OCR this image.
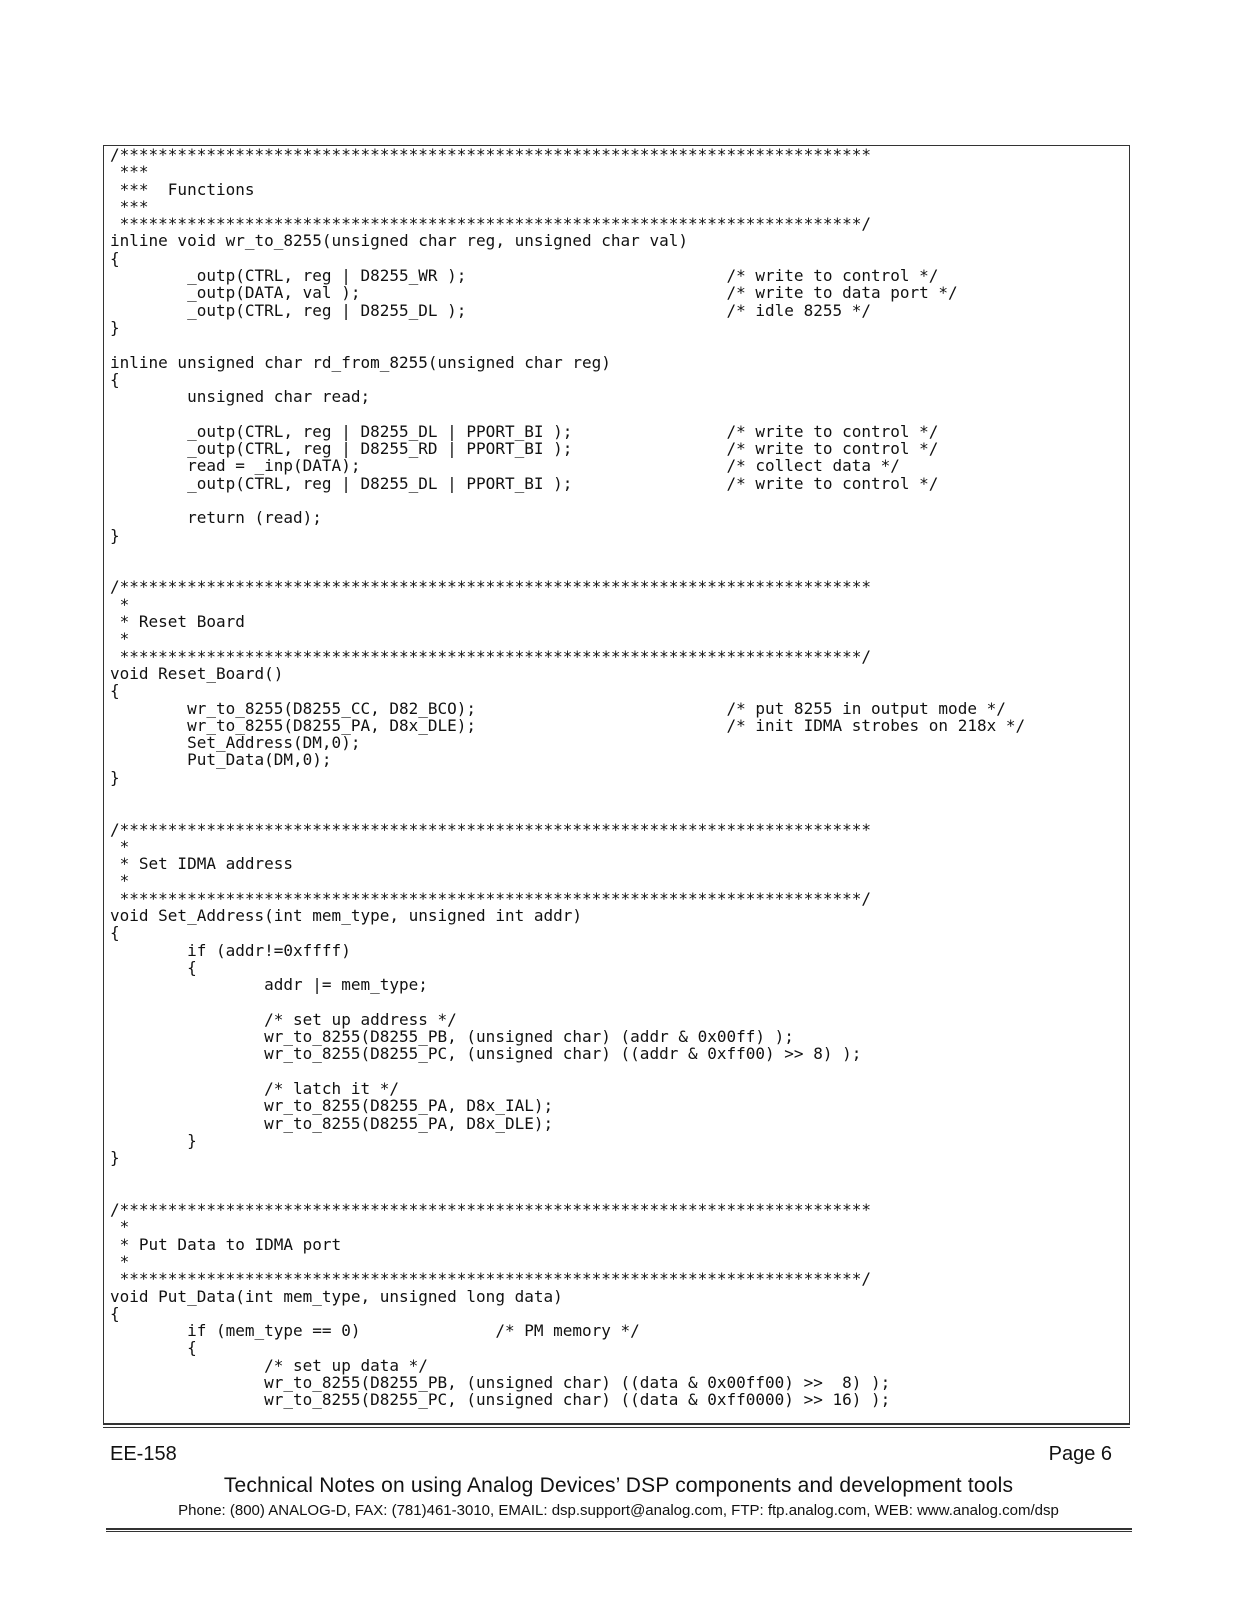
/******************************************************************************
***
***  Functions
***
*****************************************************************************/
inline void wr_to_8255(unsigned char reg, unsigned char val)
{
	_outp(CTRL, reg | D8255_WR );				/* write to control */
	_outp(DATA, val );					/* write to data port */
	_outp(CTRL, reg | D8255_DL );				/* idle 8255 */
}

inline unsigned char rd_from_8255(unsigned char reg)
{
	unsigned char read;

	_outp(CTRL, reg | D8255_DL | PPORT_BI );		/* write to control */
	_outp(CTRL, reg | D8255_RD | PPORT_BI );		/* write to control */
	read = _inp(DATA);					/* collect data */
	_outp(CTRL, reg | D8255_DL | PPORT_BI );		/* write to control */

	return (read);
}

/******************************************************************************
*
* Reset Board
*
*****************************************************************************/
void Reset_Board()
{
	wr_to_8255(D8255_CC, D82_BCO);				/* put 8255 in output mode */
	wr_to_8255(D8255_PA, D8x_DLE);				/* init IDMA strobes on 218x */
	Set_Address(DM,0);
	Put_Data(DM,0);
}

/******************************************************************************
*
* Set IDMA address
*
*****************************************************************************/
void Set_Address(int mem_type, unsigned int addr)
{
	if (addr!=0xffff)
	{
		addr |= mem_type;

		/* set up address */
		wr_to_8255(D8255_PB, (unsigned char) (addr & 0x00ff) );
		wr_to_8255(D8255_PC, (unsigned char) ((addr & 0xff00) >> 8) );

		/* latch it */
		wr_to_8255(D8255_PA, D8x_IAL);
		wr_to_8255(D8255_PA, D8x_DLE);
	}
}

/******************************************************************************
*
* Put Data to IDMA port
*
*****************************************************************************/
void Put_Data(int mem_type, unsigned long data)
{
	if (mem_type == 0)		/* PM memory */
	{
		/* set up data */
		wr_to_8255(D8255_PB, (unsigned char) ((data & 0x00ff00) >>  8) );
		wr_to_8255(D8255_PC, (unsigned char) ((data & 0xff0000) >> 16) );
EE-158	Page 6
Technical Notes on using Analog Devices’ DSP components and development tools
Phone: (800) ANALOG-D, FAX: (781)461-3010, EMAIL: dsp.support@analog.com, FTP: ftp.analog.com, WEB: www.analog.com/dsp
